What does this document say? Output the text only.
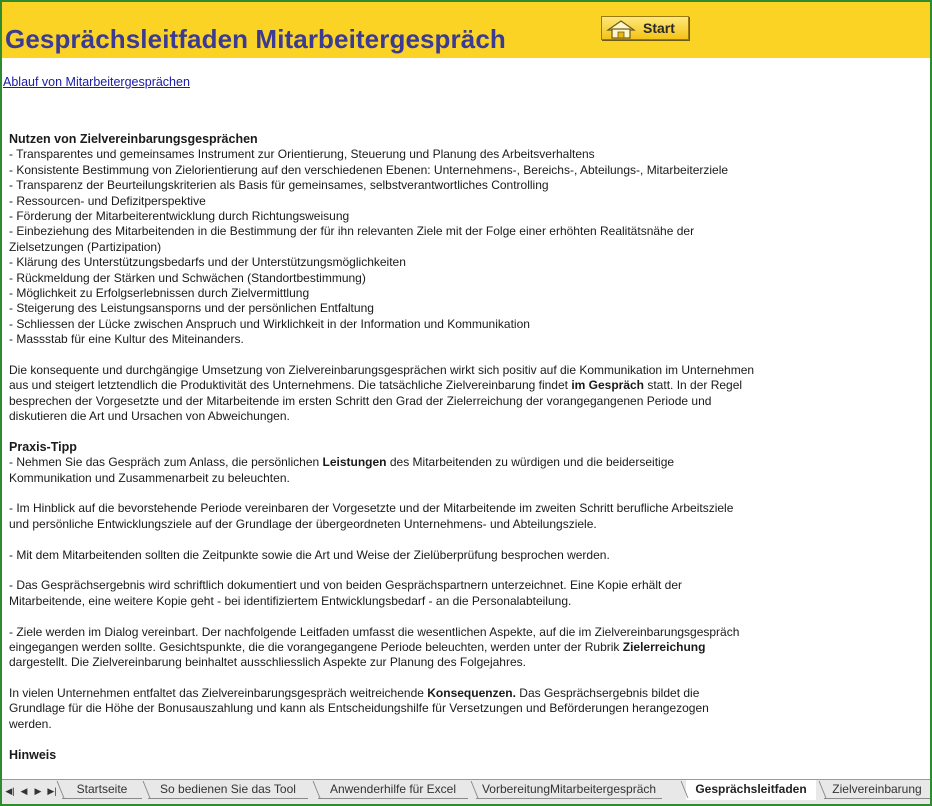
Gesprächsleitfaden Mitarbeitergespräch	Start
Ablauf von Mitarbeitergesprächen
Nutzen von Zielvereinbarungsgesprächen
- Transparentes und gemeinsames Instrument zur Orientierung, Steuerung und Planung des Arbeitsverhaltens
- Konsistente Bestimmung von Zielorientierung auf den verschiedenen Ebenen: Unternehmens-, Bereichs-, Abteilungs-, Mitarbeiterziele
- Transparenz der Beurteilungskriterien als Basis für gemeinsames, selbstverantwortliches Controlling
- Ressourcen- und Defizitperspektive
- Förderung der Mitarbeiterentwicklung durch Richtungsweisung
- Einbeziehung des Mitarbeitenden in die Bestimmung der für ihn relevanten Ziele mit der Folge einer erhöhten Realitätsnähe der
Zielsetzungen (Partizipation)
- Klärung des Unterstützungsbedarfs und der Unterstützungsmöglichkeiten
- Rückmeldung der Stärken und Schwächen (Standortbestimmung)
- Möglichkeit zu Erfolgserlebnissen durch Zielvermittlung
- Steigerung des Leistungsansporns und der persönlichen Entfaltung
- Schliessen der Lücke zwischen Anspruch und Wirklichkeit in der Information und Kommunikation
- Massstab für eine Kultur des Miteinanders.
Die konsequente und durchgängige Umsetzung von Zielvereinbarungsgesprächen wirkt sich positiv auf die Kommunikation im Unternehmen
aus und steigert letztendlich die Produktivität des Unternehmens. Die tatsächliche Zielvereinbarung findet im Gespräch statt. In der Regel
besprechen der Vorgesetzte und der Mitarbeitende im ersten Schritt den Grad der Zielerreichung der vorangegangenen Periode und
diskutieren die Art und Ursachen von Abweichungen.
Praxis-Tipp
- Nehmen Sie das Gespräch zum Anlass, die persönlichen Leistungen des Mitarbeitenden zu würdigen und die beiderseitige
Kommunikation und Zusammenarbeit zu beleuchten.
- Im Hinblick auf die bevorstehende Periode vereinbaren der Vorgesetzte und der Mitarbeitende im zweiten Schritt berufliche Arbeitsziele
und persönliche Entwicklungsziele auf der Grundlage der übergeordneten Unternehmens- und Abteilungsziele.
- Mit dem Mitarbeitenden sollten die Zeitpunkte sowie die Art und Weise der Zielüberprüfung besprochen werden.
- Das Gesprächsergebnis wird schriftlich dokumentiert und von beiden Gesprächspartnern unterzeichnet. Eine Kopie erhält der
Mitarbeitende, eine weitere Kopie geht - bei identifiziertem Entwicklungsbedarf - an die Personalabteilung.
- Ziele werden im Dialog vereinbart. Der nachfolgende Leitfaden umfasst die wesentlichen Aspekte, auf die im Zielvereinbarungsgespräch
eingegangen werden sollte. Gesichtspunkte, die die vorangegangene Periode beleuchten, werden unter der Rubrik Zielerreichung
dargestellt. Die Zielvereinbarung beinhaltet ausschliesslich Aspekte zur Planung des Folgejahres.
In vielen Unternehmen entfaltet das Zielvereinbarungsgespräch weitreichende Konsequenzen. Das Gesprächsergebnis bildet die
Grundlage für die Höhe der Bonusauszahlung und kann als Entscheidungshilfe für Versetzungen und Beförderungen herangezogen
werden.
Hinweis
◀| ◀ ▶ ▶|	Startseite	So bedienen Sie das Tool	Anwenderhilfe für Excel	VorbereitungMitarbeitergespräch	Gesprächsleitfaden	Zielvereinbarung
